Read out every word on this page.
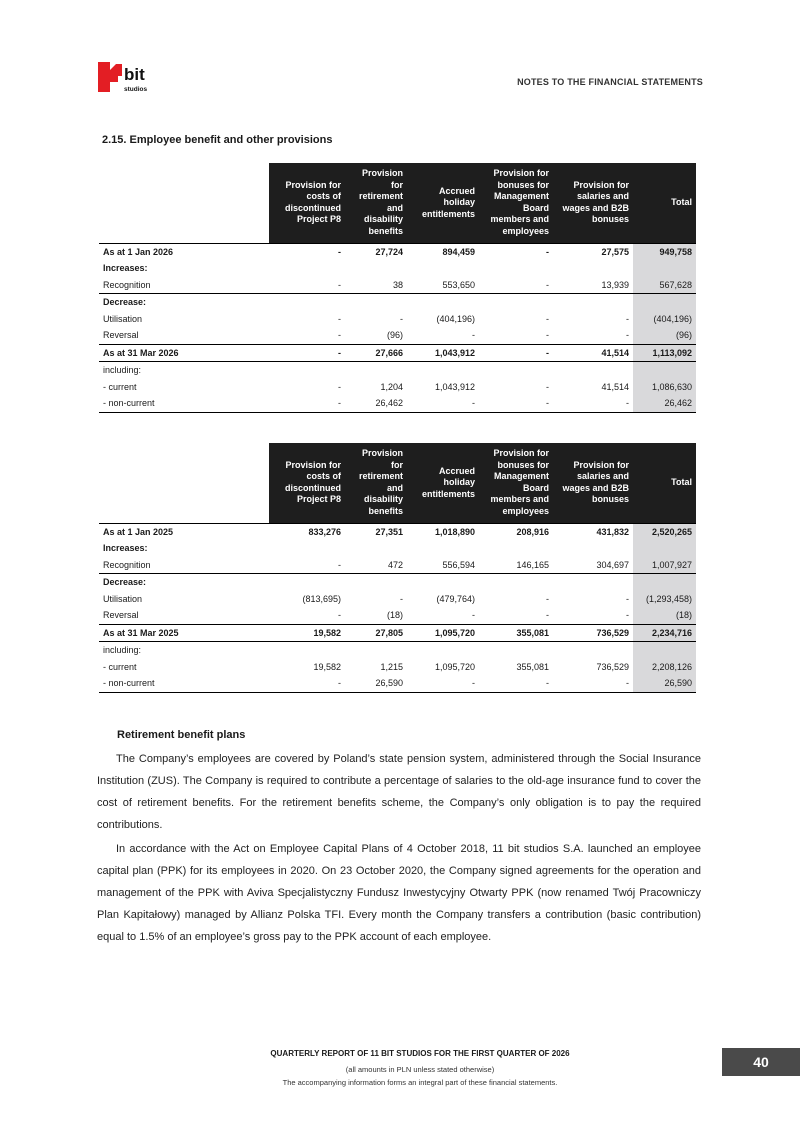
bit
studios
NOTES TO THE FINANCIAL STATEMENTS
2.15. Employee benefit and other provisions
	Provision for costs of discontinued Project P8	Provision for retirement and disability benefits	Accrued holiday entitlements	Provision for bonuses for Management Board members and employees	Provision for salaries and wages and B2B bonuses	Total
As at 1 Jan 2026	-	27,724	894,459	-	27,575	949,758
Increases:						
Recognition	-	38	553,650	-	13,939	567,628
Decrease:						
Utilisation	-	-	(404,196)	-	-	(404,196)
Reversal	-	(96)	-	-	-	(96)
As at 31 Mar 2026	-	27,666	1,043,912	-	41,514	1,113,092
including:						
- current	-	1,204	1,043,912	-	41,514	1,086,630
- non-current	-	26,462	-	-	-	26,462
	Provision for costs of discontinued Project P8	Provision for retirement and disability benefits	Accrued holiday entitlements	Provision for bonuses for Management Board members and employees	Provision for salaries and wages and B2B bonuses	Total
As at 1 Jan 2025	833,276	27,351	1,018,890	208,916	431,832	2,520,265
Increases:						
Recognition	-	472	556,594	146,165	304,697	1,007,927
Decrease:						
Utilisation	(813,695)	-	(479,764)	-	-	(1,293,458)
Reversal	-	(18)	-	-	-	(18)
As at 31 Mar 2025	19,582	27,805	1,095,720	355,081	736,529	2,234,716
including:						
- current	19,582	1,215	1,095,720	355,081	736,529	2,208,126
- non-current	-	26,590	-	-	-	26,590
Retirement benefit plans
The Company’s employees are covered by Poland’s state pension system, administered through the Social Insurance Institution (ZUS). The Company is required to contribute a percentage of salaries to the old-age insurance fund to cover the cost of retirement benefits. For the retirement benefits scheme, the Company’s only obligation is to pay the required contributions.
In accordance with the Act on Employee Capital Plans of 4 October 2018, 11 bit studios S.A. launched an employee capital plan (PPK) for its employees in 2020. On 23 October 2020, the Company signed agreements for the operation and management of the PPK with Aviva Specjalistyczny Fundusz Inwestycyjny Otwarty PPK (now renamed Twój Pracowniczy Plan Kapitałowy) managed by Allianz Polska TFI. Every month the Company transfers a contribution (basic contribution) equal to 1.5% of an employee’s gross pay to the PPK account of each employee.
QUARTERLY REPORT OF 11 BIT STUDIOS FOR THE FIRST QUARTER OF 2026
(all amounts in PLN unless stated otherwise)
The accompanying information forms an integral part of these financial statements.
40
